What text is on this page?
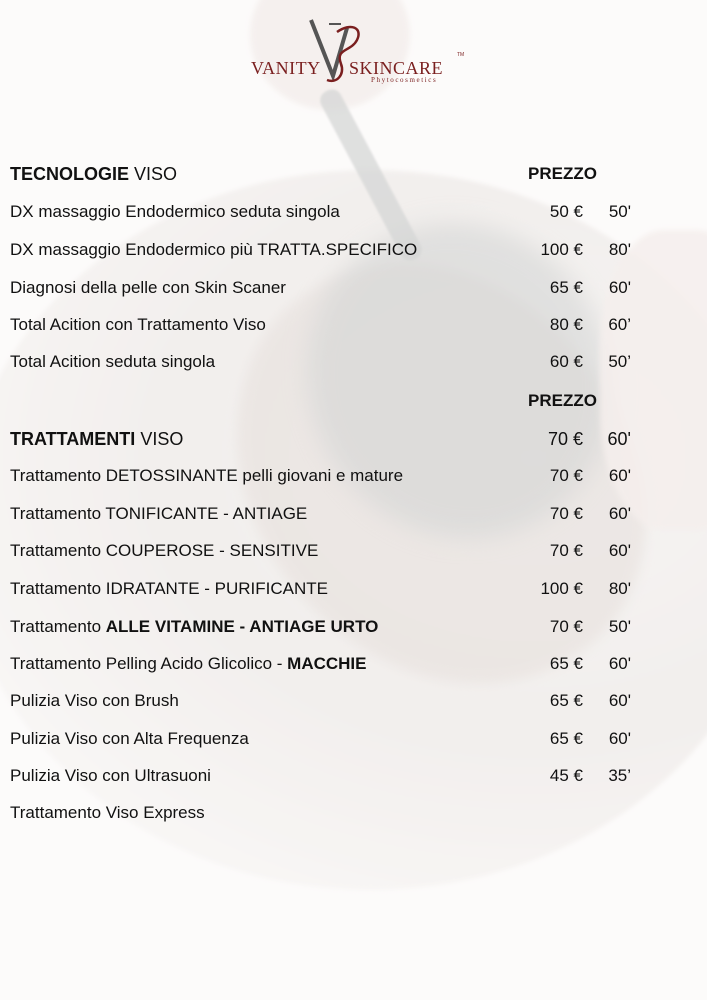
VANITY SKINCARE
TM
Phytocosmetics
TECNOLOGIE VISO	PREZZO
DX massaggio Endodermico seduta singola	50 €	50'
DX massaggio Endodermico più TRATTA.SPECIFICO	100 €	80'
Diagnosi della pelle con Skin Scaner	65 €	60'
Total Acition con Trattamento Viso	80 €	60’
Total Acition seduta singola	60 €	50’
PREZZO
TRATTAMENTI VISO	70 €	60'
Trattamento DETOSSINANTE pelli giovani e mature	70 €	60'
Trattamento TONIFICANTE - ANTIAGE	70 €	60'
Trattamento COUPEROSE - SENSITIVE	70 €	60'
Trattamento IDRATANTE - PURIFICANTE	100 €	80'
Trattamento ALLE VITAMINE - ANTIAGE URTO	70 €	50'
Trattamento Pelling Acido Glicolico - MACCHIE	65 €	60'
Pulizia Viso con Brush	65 €	60'
Pulizia Viso con Alta Frequenza	65 €	60'
Pulizia Viso con Ultrasuoni	45 €	35’
Trattamento Viso Express
